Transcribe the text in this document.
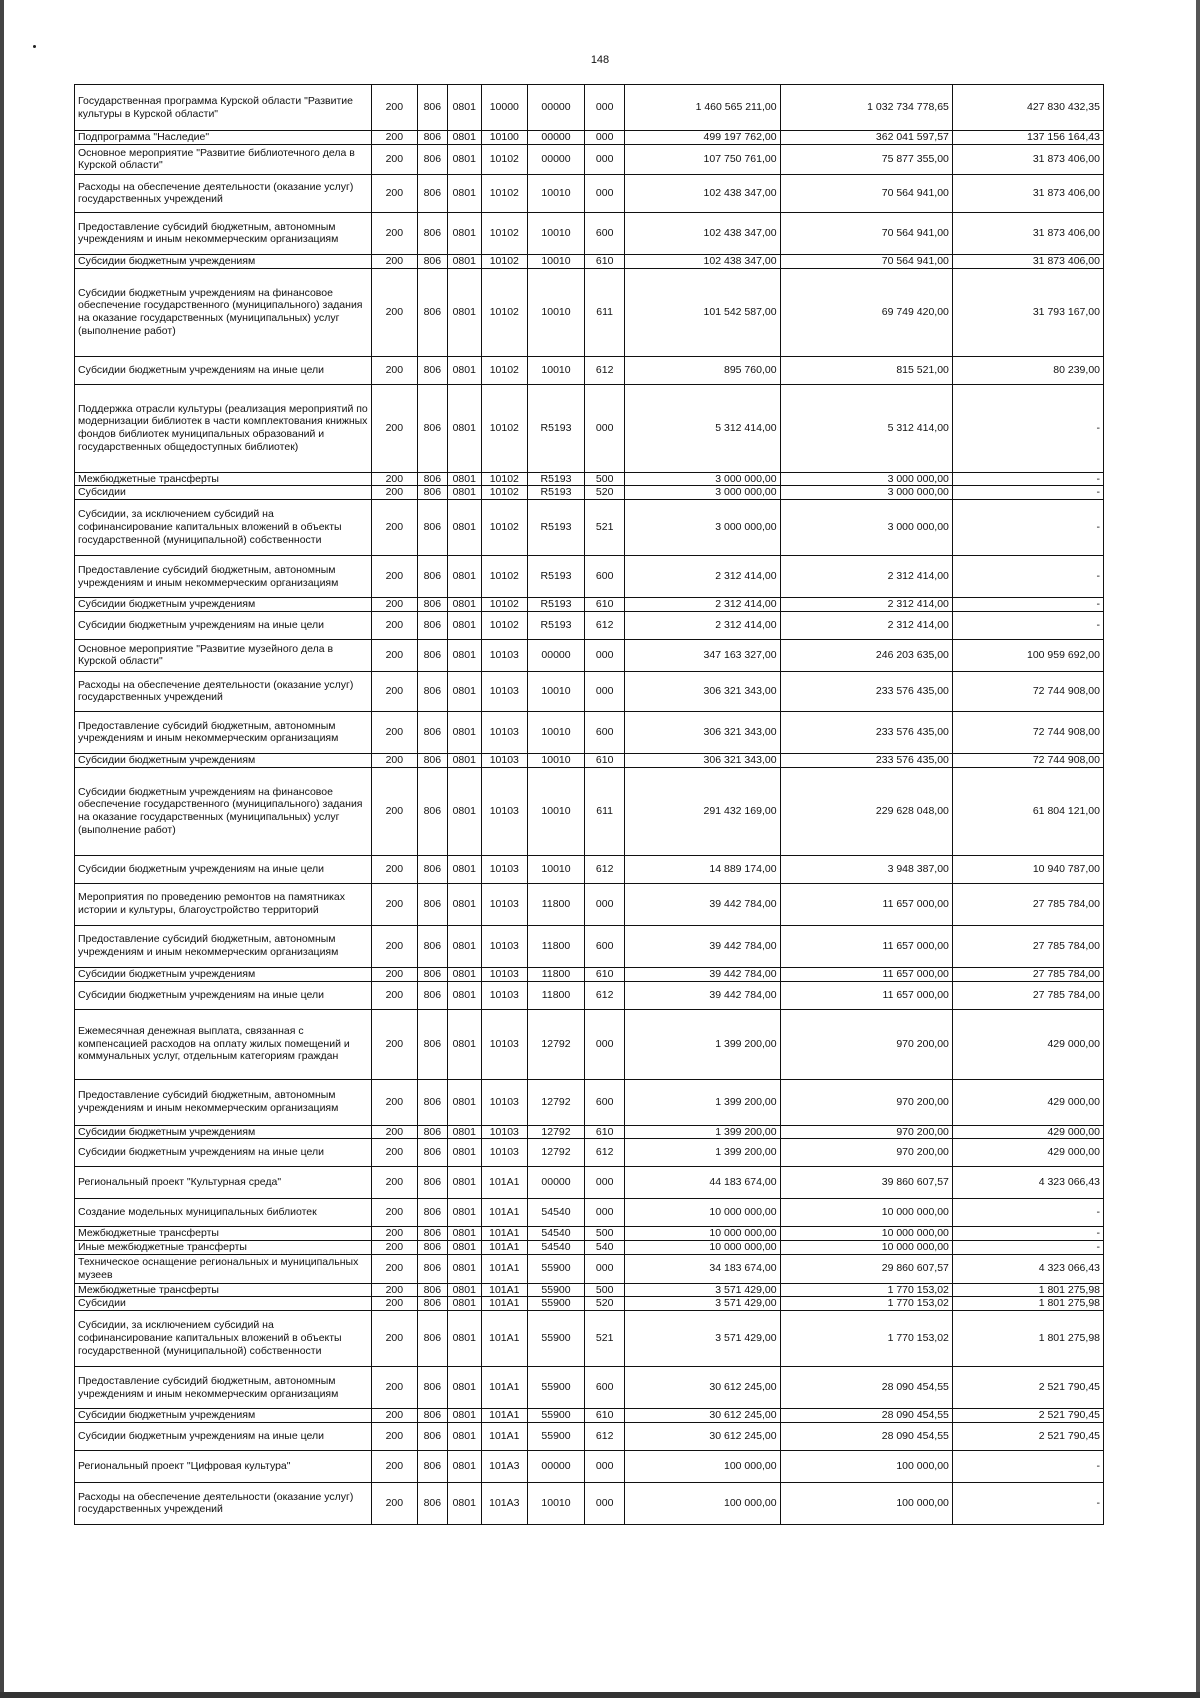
148
Государственная программа Курской области "Развитие культуры в Курской области"	200	806	0801	10000	00000	000	1 460 565 211,00	1 032 734 778,65	427 830 432,35
Подпрограмма "Наследие"	200	806	0801	10100	00000	000	499 197 762,00	362 041 597,57	137 156 164,43
Основное мероприятие "Развитие библиотечного дела в Курской области"	200	806	0801	10102	00000	000	107 750 761,00	75 877 355,00	31 873 406,00
Расходы на обеспечение деятельности (оказание услуг) государственных учреждений	200	806	0801	10102	10010	000	102 438 347,00	70 564 941,00	31 873 406,00
Предоставление субсидий бюджетным, автономным учреждениям и иным некоммерческим организациям	200	806	0801	10102	10010	600	102 438 347,00	70 564 941,00	31 873 406,00
Субсидии бюджетным учреждениям	200	806	0801	10102	10010	610	102 438 347,00	70 564 941,00	31 873 406,00
Субсидии бюджетным учреждениям на финансовое обеспечение государственного (муниципального) задания на оказание государственных (муниципальных) услуг (выполнение работ)	200	806	0801	10102	10010	611	101 542 587,00	69 749 420,00	31 793 167,00
Субсидии бюджетным учреждениям на иные цели	200	806	0801	10102	10010	612	895 760,00	815 521,00	80 239,00
Поддержка отрасли культуры (реализация мероприятий по модернизации библиотек в части комплектования книжных фондов библиотек муниципальных образований и государственных общедоступных библиотек)	200	806	0801	10102	R5193	000	5 312 414,00	5 312 414,00	-
Межбюджетные трансферты	200	806	0801	10102	R5193	500	3 000 000,00	3 000 000,00	-
Субсидии	200	806	0801	10102	R5193	520	3 000 000,00	3 000 000,00	-
Субсидии, за исключением субсидий на софинансирование капитальных вложений в объекты государственной (муниципальной) собственности	200	806	0801	10102	R5193	521	3 000 000,00	3 000 000,00	-
Предоставление субсидий бюджетным, автономным учреждениям и иным некоммерческим организациям	200	806	0801	10102	R5193	600	2 312 414,00	2 312 414,00	-
Субсидии бюджетным учреждениям	200	806	0801	10102	R5193	610	2 312 414,00	2 312 414,00	-
Субсидии бюджетным учреждениям на иные цели	200	806	0801	10102	R5193	612	2 312 414,00	2 312 414,00	-
Основное мероприятие "Развитие музейного дела в Курской области"	200	806	0801	10103	00000	000	347 163 327,00	246 203 635,00	100 959 692,00
Расходы на обеспечение деятельности (оказание услуг) государственных учреждений	200	806	0801	10103	10010	000	306 321 343,00	233 576 435,00	72 744 908,00
Предоставление субсидий бюджетным, автономным учреждениям и иным некоммерческим организациям	200	806	0801	10103	10010	600	306 321 343,00	233 576 435,00	72 744 908,00
Субсидии бюджетным учреждениям	200	806	0801	10103	10010	610	306 321 343,00	233 576 435,00	72 744 908,00
Субсидии бюджетным учреждениям на финансовое обеспечение государственного (муниципального) задания на оказание государственных (муниципальных) услуг (выполнение работ)	200	806	0801	10103	10010	611	291 432 169,00	229 628 048,00	61 804 121,00
Субсидии бюджетным учреждениям на иные цели	200	806	0801	10103	10010	612	14 889 174,00	3 948 387,00	10 940 787,00
Мероприятия по проведению ремонтов на памятниках истории и культуры, благоустройство территорий	200	806	0801	10103	11800	000	39 442 784,00	11 657 000,00	27 785 784,00
Предоставление субсидий бюджетным, автономным учреждениям и иным некоммерческим организациям	200	806	0801	10103	11800	600	39 442 784,00	11 657 000,00	27 785 784,00
Субсидии бюджетным учреждениям	200	806	0801	10103	11800	610	39 442 784,00	11 657 000,00	27 785 784,00
Субсидии бюджетным учреждениям на иные цели	200	806	0801	10103	11800	612	39 442 784,00	11 657 000,00	27 785 784,00
Ежемесячная денежная выплата, связанная с компенсацией расходов на оплату жилых помещений и коммунальных услуг, отдельным категориям граждан	200	806	0801	10103	12792	000	1 399 200,00	970 200,00	429 000,00
Предоставление субсидий бюджетным, автономным учреждениям и иным некоммерческим организациям	200	806	0801	10103	12792	600	1 399 200,00	970 200,00	429 000,00
Субсидии бюджетным учреждениям	200	806	0801	10103	12792	610	1 399 200,00	970 200,00	429 000,00
Субсидии бюджетным учреждениям на иные цели	200	806	0801	10103	12792	612	1 399 200,00	970 200,00	429 000,00
Региональный проект "Культурная среда"	200	806	0801	101A1	00000	000	44 183 674,00	39 860 607,57	4 323 066,43
Создание модельных муниципальных библиотек	200	806	0801	101A1	54540	000	10 000 000,00	10 000 000,00	-
Межбюджетные трансферты	200	806	0801	101A1	54540	500	10 000 000,00	10 000 000,00	-
Иные межбюджетные трансферты	200	806	0801	101A1	54540	540	10 000 000,00	10 000 000,00	-
Техническое оснащение региональных и муниципальных музеев	200	806	0801	101A1	55900	000	34 183 674,00	29 860 607,57	4 323 066,43
Межбюджетные трансферты	200	806	0801	101A1	55900	500	3 571 429,00	1 770 153,02	1 801 275,98
Субсидии	200	806	0801	101A1	55900	520	3 571 429,00	1 770 153,02	1 801 275,98
Субсидии, за исключением субсидий на софинансирование капитальных вложений в объекты государственной (муниципальной) собственности	200	806	0801	101A1	55900	521	3 571 429,00	1 770 153,02	1 801 275,98
Предоставление субсидий бюджетным, автономным учреждениям и иным некоммерческим организациям	200	806	0801	101A1	55900	600	30 612 245,00	28 090 454,55	2 521 790,45
Субсидии бюджетным учреждениям	200	806	0801	101A1	55900	610	30 612 245,00	28 090 454,55	2 521 790,45
Субсидии бюджетным учреждениям на иные цели	200	806	0801	101A1	55900	612	30 612 245,00	28 090 454,55	2 521 790,45
Региональный проект "Цифровая культура"	200	806	0801	101A3	00000	000	100 000,00	100 000,00	-
Расходы на обеспечение деятельности (оказание услуг) государственных учреждений	200	806	0801	101A3	10010	000	100 000,00	100 000,00	-
